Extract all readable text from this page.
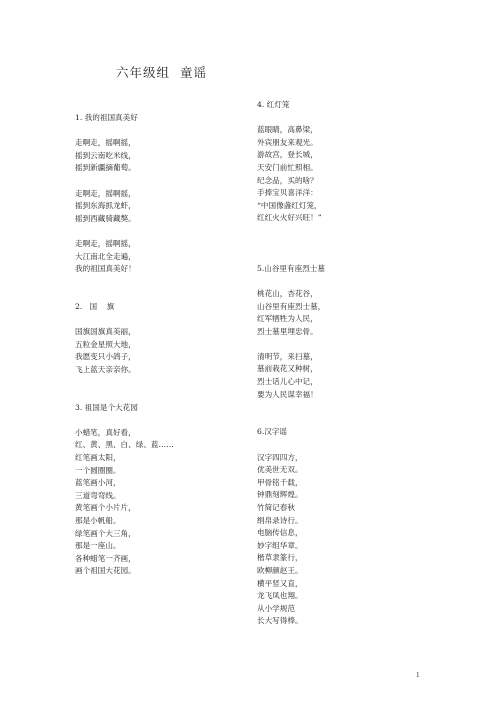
六年级组  童谣
1. 我的祖国真美好
走啊走，摇啊摇，
摇到云南吃米线，
摇到新疆摘葡萄。
走啊走，摇啊摇，
摇到东海抓龙虾，
摇到西藏骑藏獒。
走啊走，摇啊摇，
大江南北全走遍，
我的祖国真美好！
2.   国    旗
国旗国旗真美丽，
五粒金星照大地，
我愿变只小鸽子，
飞上蓝天亲亲你。
3. 祖国是个大花园
小蜡笔，真好看，
红、黄、黑、白、绿、蓝……
红笔画太阳，
一个圆圈圈。
蓝笔画小河，
三道弯弯线。
黄笔画个小片片，
那是小帆船。
绿笔画个大三角，
那是一座山。
各种蜡笔一齐画，
画个祖国大花园。
4. 红灯笼
蓝眼睛，高鼻梁，
外宾朋友来观光。
游故宫，登长城，
天安门前忙照相。
纪念品，买的啥？
手捧宝贝喜洋洋：
“中国像盏红灯笼，
红红火火好兴旺！”
5.山谷里有座烈士墓
桃花山，杏花谷，
山谷里有座烈士墓，
红军牺牲为人民，
烈士墓里埋忠骨。
清明节，来扫墓，
墓前栽花又种树，
烈士话儿心中记，
要为人民谋幸福！
6.汉字谣
汉字四四方，
优美世无双。
甲骨铭千载，
钟鼎刻辉煌。
竹简记春秋
绢帛录诗行。
电脑传信息，
妙字组华章。
楷草隶篆行，
欧柳颜赵王。
横平竖又直，
龙飞凤也翔。
从小学规范
长大写得棒。
1
